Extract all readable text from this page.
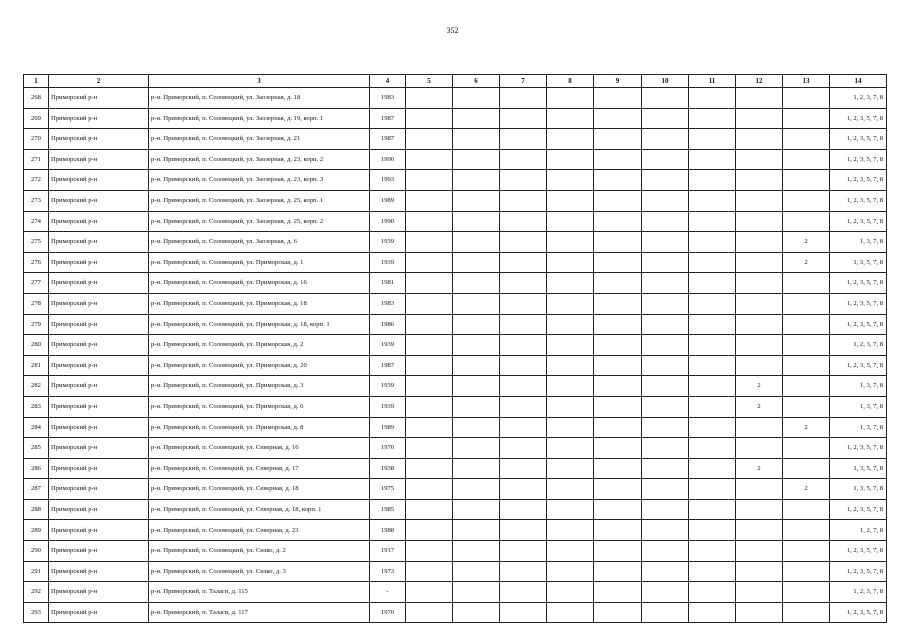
352
1	2	3	4	5	6	7	8	9	10	11	12	13	14
268	Приморский р-н	р-н. Приморский, п. Соловецкий, ул. Заозерная, д. 18	1983										1, 2, 3, 7, 8
269	Приморский р-н	р-н. Приморский, п. Соловецкий, ул. Заозерная, д. 19, корп. 1	1987										1, 2, 3, 5, 7, 8
270	Приморский р-н	р-н. Приморский, п. Соловецкий, ул. Заозерная, д. 21	1987										1, 2, 3, 5, 7, 8
271	Приморский р-н	р-н. Приморский, п. Соловецкий, ул. Заозерная, д. 23, корп. 2	1990										1, 2, 3, 5, 7, 8
272	Приморский р-н	р-н. Приморский, п. Соловецкий, ул. Заозерная, д. 23, корп. 3	1993										1, 2, 3, 5, 7, 8
273	Приморский р-н	р-н. Приморский, п. Соловецкий, ул. Заозерная, д. 25, корп. 1	1989										1, 2, 3, 5, 7, 8
274	Приморский р-н	р-н. Приморский, п. Соловецкий, ул. Заозерная, д. 25, корп. 2	1990										1, 2, 3, 5, 7, 8
275	Приморский р-н	р-н. Приморский, п. Соловецкий, ул. Заозерная, д. 6	1939									2	1, 3, 7, 8
276	Приморский р-н	р-н. Приморский, п. Соловецкий, ул. Приморская, д. 1	1939									2	1, 3, 5, 7, 8
277	Приморский р-н	р-н. Приморский, п. Соловецкий, ул. Приморская, д. 16	1981										1, 2, 3, 5, 7, 8
278	Приморский р-н	р-н. Приморский, п. Соловецкий, ул. Приморская, д. 18	1983										1, 2, 3, 5, 7, 8
279	Приморский р-н	р-н. Приморский, п. Соловецкий, ул. Приморская, д. 18, корп. 1	1986										1, 2, 3, 5, 7, 8
280	Приморский р-н	р-н. Приморский, п. Соловецкий, ул. Приморская, д. 2	1939										1, 2, 3, 7, 8
281	Приморский р-н	р-н. Приморский, п. Соловецкий, ул. Приморская, д. 20	1987										1, 2, 3, 5, 7, 8
282	Приморский р-н	р-н. Приморский, п. Соловецкий, ул. Приморская, д. 3	1939								2		1, 3, 7, 8
283	Приморский р-н	р-н. Приморский, п. Соловецкий, ул. Приморская, д. 6	1939								2		1, 3, 7, 8
284	Приморский р-н	р-н. Приморский, п. Соловецкий, ул. Приморская, д. 8	1989									2	1, 3, 7, 8
285	Приморский р-н	р-н. Приморский, п. Соловецкий, ул. Северная, д. 16	1970										1, 2, 3, 5, 7, 8
286	Приморский р-н	р-н. Приморский, п. Соловецкий, ул. Северная, д. 17	1938								2		1, 3, 5, 7, 8
287	Приморский р-н	р-н. Приморский, п. Соловецкий, ул. Северная, д. 18	1975									2	1, 3, 5, 7, 8
288	Приморский р-н	р-н. Приморский, п. Соловецкий, ул. Северная, д. 18, корп. 1	1985										1, 2, 3, 5, 7, 8
289	Приморский р-н	р-н. Приморский, п. Соловецкий, ул. Северная, д. 23	1988										1, 2, 7, 8
290	Приморский р-н	р-н. Приморский, п. Соловецкий, ул. Сизко, д. 2	1917										1, 2, 3, 5, 7, 8
291	Приморский р-н	р-н. Приморский, п. Соловецкий, ул. Сизко, д. 3	1973										1, 2, 3, 5, 7, 8
292	Приморский р-н	р-н. Приморский, п. Талаги, д. 115	-										1, 2, 3, 7, 8
293	Приморский р-н	р-н. Приморский, п. Талаги, д. 117	1970										1, 2, 3, 5, 7, 8
